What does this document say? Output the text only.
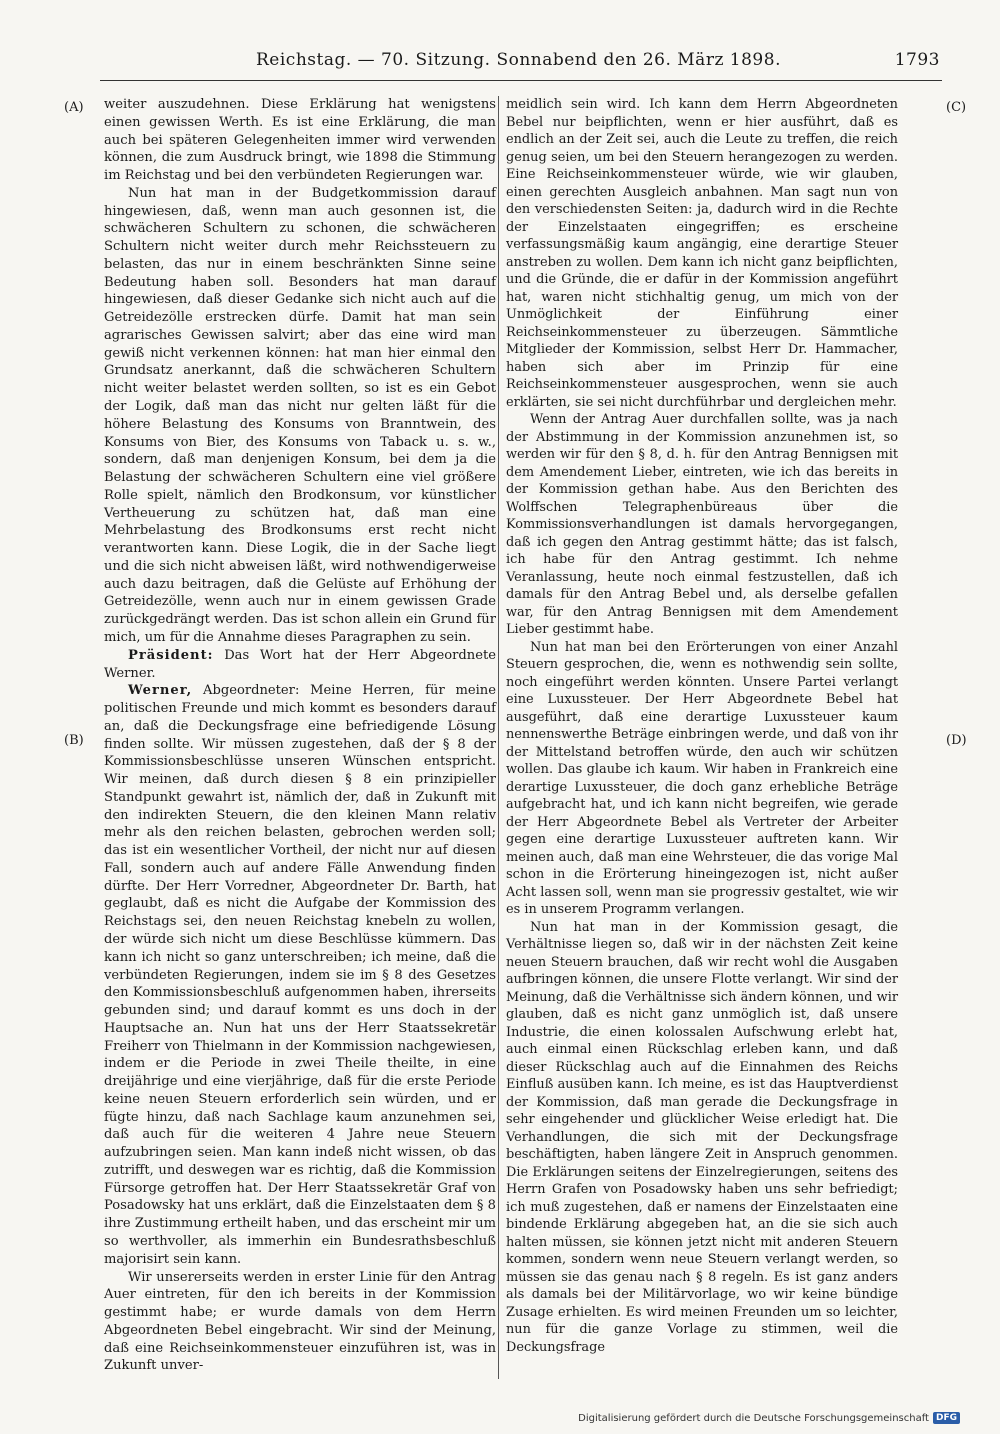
Reichstag. — 70. Sitzung. Sonnabend den 26. März 1898.	1793
(A)
(B)
(C)
(D)

weiter auszudehnen. Diese Erklärung hat wenigstens einen gewissen Werth. Es ist eine Erklärung, die man auch bei späteren Gelegenheiten immer wird verwenden können, die zum Ausdruck bringt, wie 1898 die Stimmung im Reichstag und bei den verbündeten Regierungen war.

Nun hat man in der Budgetkommission darauf hingewiesen, daß, wenn man auch gesonnen ist, die schwächeren Schultern zu schonen, die schwächeren Schultern nicht weiter durch mehr Reichssteuern zu belasten, das nur in einem beschränkten Sinne seine Bedeutung haben soll. Besonders hat man darauf hingewiesen, daß dieser Gedanke sich nicht auch auf die Getreidezölle erstrecken dürfe. Damit hat man sein agrarisches Gewissen salvirt; aber das eine wird man gewiß nicht verkennen können: hat man hier einmal den Grundsatz anerkannt, daß die schwächeren Schultern nicht weiter belastet werden sollten, so ist es ein Gebot der Logik, daß man das nicht nur gelten läßt für die höhere Belastung des Konsums von Branntwein, des Konsums von Bier, des Konsums von Taback u. s. w., sondern, daß man denjenigen Konsum, bei dem ja die Belastung der schwächeren Schultern eine viel größere Rolle spielt, nämlich den Brodkonsum, vor künstlicher Vertheuerung zu schützen hat, daß man eine Mehrbelastung des Brodkonsums erst recht nicht verantworten kann. Diese Logik, die in der Sache liegt und die sich nicht abweisen läßt, wird nothwendigerweise auch dazu beitragen, daß die Gelüste auf Erhöhung der Getreidezölle, wenn auch nur in einem gewissen Grade zurückgedrängt werden. Das ist schon allein ein Grund für mich, um für die Annahme dieses Paragraphen zu sein.

Präsident: Das Wort hat der Herr Abgeordnete Werner.

Werner, Abgeordneter: Meine Herren, für meine politischen Freunde und mich kommt es besonders darauf an, daß die Deckungsfrage eine befriedigende Lösung finden sollte. Wir müssen zugestehen, daß der § 8 der Kommissionsbeschlüsse unseren Wünschen entspricht. Wir meinen, daß durch diesen § 8 ein prinzipieller Standpunkt gewahrt ist, nämlich der, daß in Zukunft mit den indirekten Steuern, die den kleinen Mann relativ mehr als den reichen belasten, gebrochen werden soll; das ist ein wesentlicher Vortheil, der nicht nur auf diesen Fall, sondern auch auf andere Fälle Anwendung finden dürfte. Der Herr Vorredner, Abgeordneter Dr. Barth, hat geglaubt, daß es nicht die Aufgabe der Kommission des Reichstags sei, den neuen Reichstag knebeln zu wollen, der würde sich nicht um diese Beschlüsse kümmern. Das kann ich nicht so ganz unterschreiben; ich meine, daß die verbündeten Regierungen, indem sie im § 8 des Gesetzes den Kommissionsbeschluß aufgenommen haben, ihrerseits gebunden sind; und darauf kommt es uns doch in der Hauptsache an. Nun hat uns der Herr Staatssekretär Freiherr von Thielmann in der Kommission nachgewiesen, indem er die Periode in zwei Theile theilte, in eine dreijährige und eine vierjährige, daß für die erste Periode keine neuen Steuern erforderlich sein würden, und er fügte hinzu, daß nach Sachlage kaum anzunehmen sei, daß auch für die weiteren 4 Jahre neue Steuern aufzubringen seien. Man kann indeß nicht wissen, ob das zutrifft, und deswegen war es richtig, daß die Kommission Fürsorge getroffen hat. Der Herr Staatssekretär Graf von Posadowsky hat uns erklärt, daß die Einzelstaaten dem § 8 ihre Zustimmung ertheilt haben, und das erscheint mir um so werthvoller, als immerhin ein Bundesrathsbeschluß majorisirt sein kann.

Wir unsererseits werden in erster Linie für den Antrag Auer eintreten, für den ich bereits in der Kommission gestimmt habe; er wurde damals von dem Herrn Abgeordneten Bebel eingebracht. Wir sind der Meinung, daß eine Reichseinkommensteuer einzuführen ist, was in Zukunft unver-

meidlich sein wird. Ich kann dem Herrn Abgeordneten Bebel nur beipflichten, wenn er hier ausführt, daß es endlich an der Zeit sei, auch die Leute zu treffen, die reich genug seien, um bei den Steuern herangezogen zu werden. Eine Reichseinkommensteuer würde, wie wir glauben, einen gerechten Ausgleich anbahnen. Man sagt nun von den verschiedensten Seiten: ja, dadurch wird in die Rechte der Einzelstaaten eingegriffen; es erscheine verfassungsmäßig kaum angängig, eine derartige Steuer anstreben zu wollen. Dem kann ich nicht ganz beipflichten, und die Gründe, die er dafür in der Kommission angeführt hat, waren nicht stichhaltig genug, um mich von der Unmöglichkeit der Einführung einer Reichseinkommensteuer zu überzeugen. Sämmtliche Mitglieder der Kommission, selbst Herr Dr. Hammacher, haben sich aber im Prinzip für eine Reichseinkommensteuer ausgesprochen, wenn sie auch erklärten, sie sei nicht durchführbar und dergleichen mehr.

Wenn der Antrag Auer durchfallen sollte, was ja nach der Abstimmung in der Kommission anzunehmen ist, so werden wir für den § 8, d. h. für den Antrag Bennigsen mit dem Amendement Lieber, eintreten, wie ich das bereits in der Kommission gethan habe. Aus den Berichten des Wolffschen Telegraphenbüreaus über die Kommissionsverhandlungen ist damals hervorgegangen, daß ich gegen den Antrag gestimmt hätte; das ist falsch, ich habe für den Antrag gestimmt. Ich nehme Veranlassung, heute noch einmal festzustellen, daß ich damals für den Antrag Bebel und, als derselbe gefallen war, für den Antrag Bennigsen mit dem Amendement Lieber gestimmt habe.

Nun hat man bei den Erörterungen von einer Anzahl Steuern gesprochen, die, wenn es nothwendig sein sollte, noch eingeführt werden könnten. Unsere Partei verlangt eine Luxussteuer. Der Herr Abgeordnete Bebel hat ausgeführt, daß eine derartige Luxussteuer kaum nennenswerthe Beträge einbringen werde, und daß von ihr der Mittelstand betroffen würde, den auch wir schützen wollen. Das glaube ich kaum. Wir haben in Frankreich eine derartige Luxussteuer, die doch ganz erhebliche Beträge aufgebracht hat, und ich kann nicht begreifen, wie gerade der Herr Abgeordnete Bebel als Vertreter der Arbeiter gegen eine derartige Luxussteuer auftreten kann. Wir meinen auch, daß man eine Wehrsteuer, die das vorige Mal schon in die Erörterung hineingezogen ist, nicht außer Acht lassen soll, wenn man sie progressiv gestaltet, wie wir es in unserem Programm verlangen.

Nun hat man in der Kommission gesagt, die Verhältnisse liegen so, daß wir in der nächsten Zeit keine neuen Steuern brauchen, daß wir recht wohl die Ausgaben aufbringen können, die unsere Flotte verlangt. Wir sind der Meinung, daß die Verhältnisse sich ändern können, und wir glauben, daß es nicht ganz unmöglich ist, daß unsere Industrie, die einen kolossalen Aufschwung erlebt hat, auch einmal einen Rückschlag erleben kann, und daß dieser Rückschlag auch auf die Einnahmen des Reichs Einfluß ausüben kann. Ich meine, es ist das Hauptverdienst der Kommission, daß man gerade die Deckungsfrage in sehr eingehender und glücklicher Weise erledigt hat. Die Verhandlungen, die sich mit der Deckungsfrage beschäftigten, haben längere Zeit in Anspruch genommen. Die Erklärungen seitens der Einzelregierungen, seitens des Herrn Grafen von Posadowsky haben uns sehr befriedigt; ich muß zugestehen, daß er namens der Einzelstaaten eine bindende Erklärung abgegeben hat, an die sie sich auch halten müssen, sie können jetzt nicht mit anderen Steuern kommen, sondern wenn neue Steuern verlangt werden, so müssen sie das genau nach § 8 regeln. Es ist ganz anders als damals bei der Militärvorlage, wo wir keine bündige Zusage erhielten. Es wird meinen Freunden um so leichter, nun für die ganze Vorlage zu stimmen, weil die Deckungsfrage

Digitalisierung gefördert durch die Deutsche Forschungsgemeinschaft DFG
